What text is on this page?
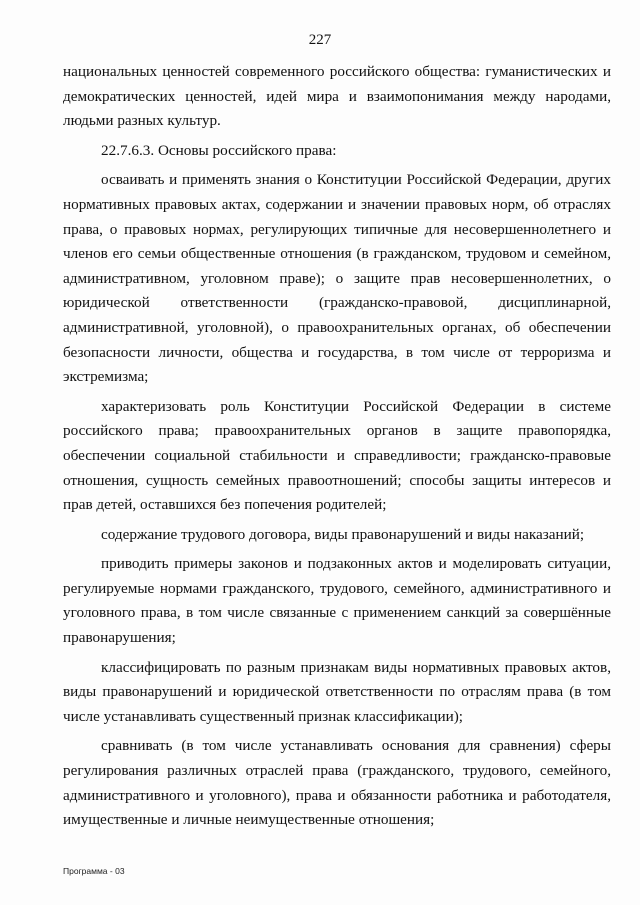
227

национальных ценностей современного российского общества: гуманистических и демократических ценностей, идей мира и взаимопонимания между народами, людьми разных культур.

22.7.6.3. Основы российского права:

осваивать и применять знания о Конституции Российской Федерации, других нормативных правовых актах, содержании и значении правовых норм, об отраслях права, о правовых нормах, регулирующих типичные для несовершеннолетнего и членов его семьи общественные отношения (в гражданском, трудовом и семейном, административном, уголовном праве); о защите прав несовершеннолетних, о юридической ответственности (гражданско-правовой, дисциплинарной, административной, уголовной), о правоохранительных органах, об обеспечении безопасности личности, общества и государства, в том числе от терроризма и экстремизма;

характеризовать роль Конституции Российской Федерации в системе российского права; правоохранительных органов в защите правопорядка, обеспечении социальной стабильности и справедливости; гражданско-правовые отношения, сущность семейных правоотношений; способы защиты интересов и прав детей, оставшихся без попечения родителей;

содержание трудового договора, виды правонарушений и виды наказаний;

приводить примеры законов и подзаконных актов и моделировать ситуации, регулируемые нормами гражданского, трудового, семейного, административного и уголовного права, в том числе связанные с применением санкций за совершённые правонарушения;

классифицировать по разным признакам виды нормативных правовых актов, виды правонарушений и юридической ответственности по отраслям права (в том числе устанавливать существенный признак классификации);

сравнивать (в том числе устанавливать основания для сравнения) сферы регулирования различных отраслей права (гражданского, трудового, семейного, административного и уголовного), права и обязанности работника и работодателя, имущественные и личные неимущественные отношения;

Программа - 03
